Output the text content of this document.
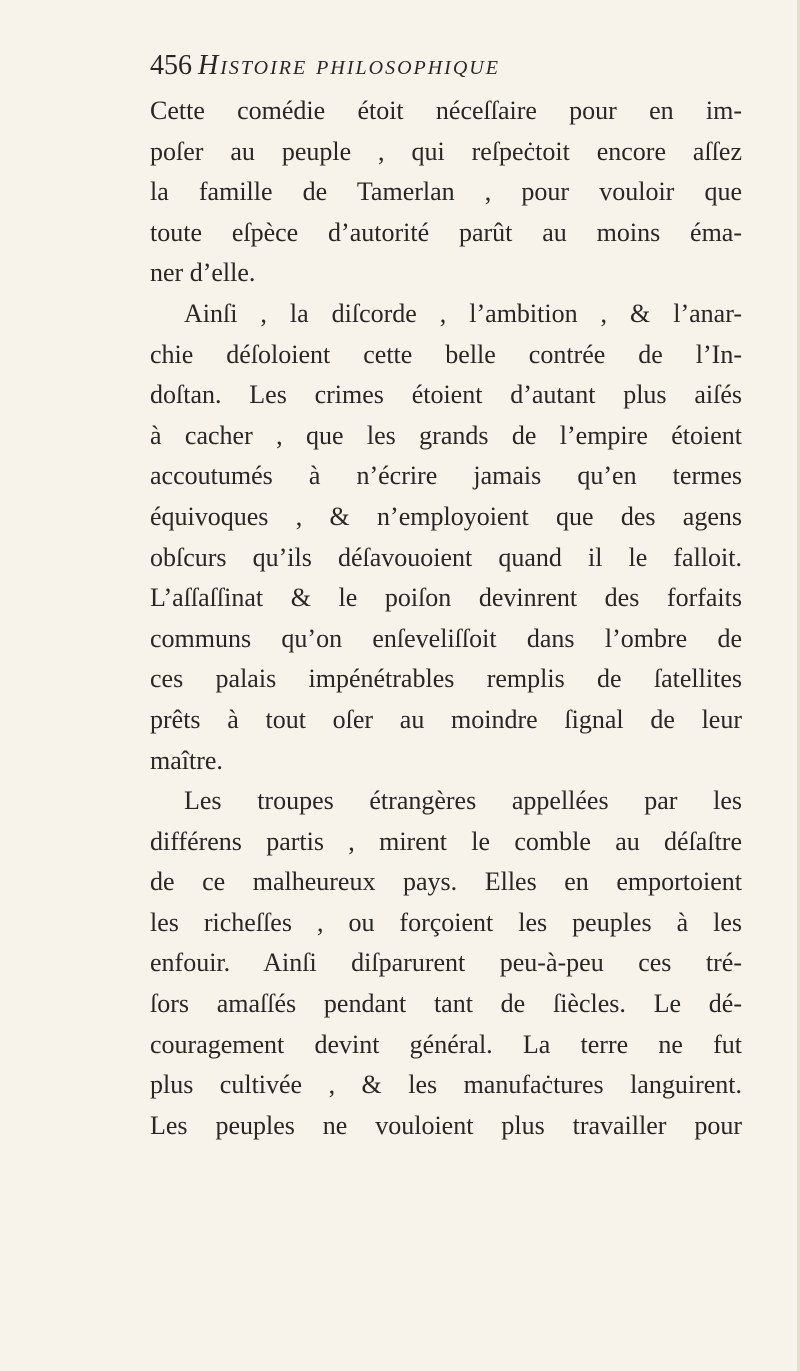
456 Histoire philosophique
Cette comédie étoit néceſſaire pour en im-
poſer au peuple , qui reſpeċtoit encore aſſez
la famille de Tamerlan , pour vouloir que
toute eſpèce d’autorité parût au moins éma-
ner d’elle.
Ainſi , la diſcorde , l’ambition , & l’anar-
chie déſoloient cette belle contrée de l’In-
doſtan. Les crimes étoient d’autant plus aiſés
à cacher , que les grands de l’empire étoient
accoutumés à n’écrire jamais qu’en termes
équivoques , & n’employoient que des agens
obſcurs qu’ils déſavouoient quand il le falloit.
L’aſſaſſinat & le poiſon devinrent des forfaits
communs qu’on enſeveliſſoit dans l’ombre de
ces palais impénétrables remplis de ſatellites
prêts à tout oſer au moindre ſignal de leur
maître.
Les troupes étrangères appellées par les
différens partis , mirent le comble au déſaſtre
de ce malheureux pays. Elles en emportoient
les richeſſes , ou forçoient les peuples à les
enfouir. Ainſi diſparurent peu-à-peu ces tré-
ſors amaſſés pendant tant de ſiècles. Le dé-
couragement devint général. La terre ne fut
plus cultivée , & les manufaċtures languirent.
Les peuples ne vouloient plus travailler pour
